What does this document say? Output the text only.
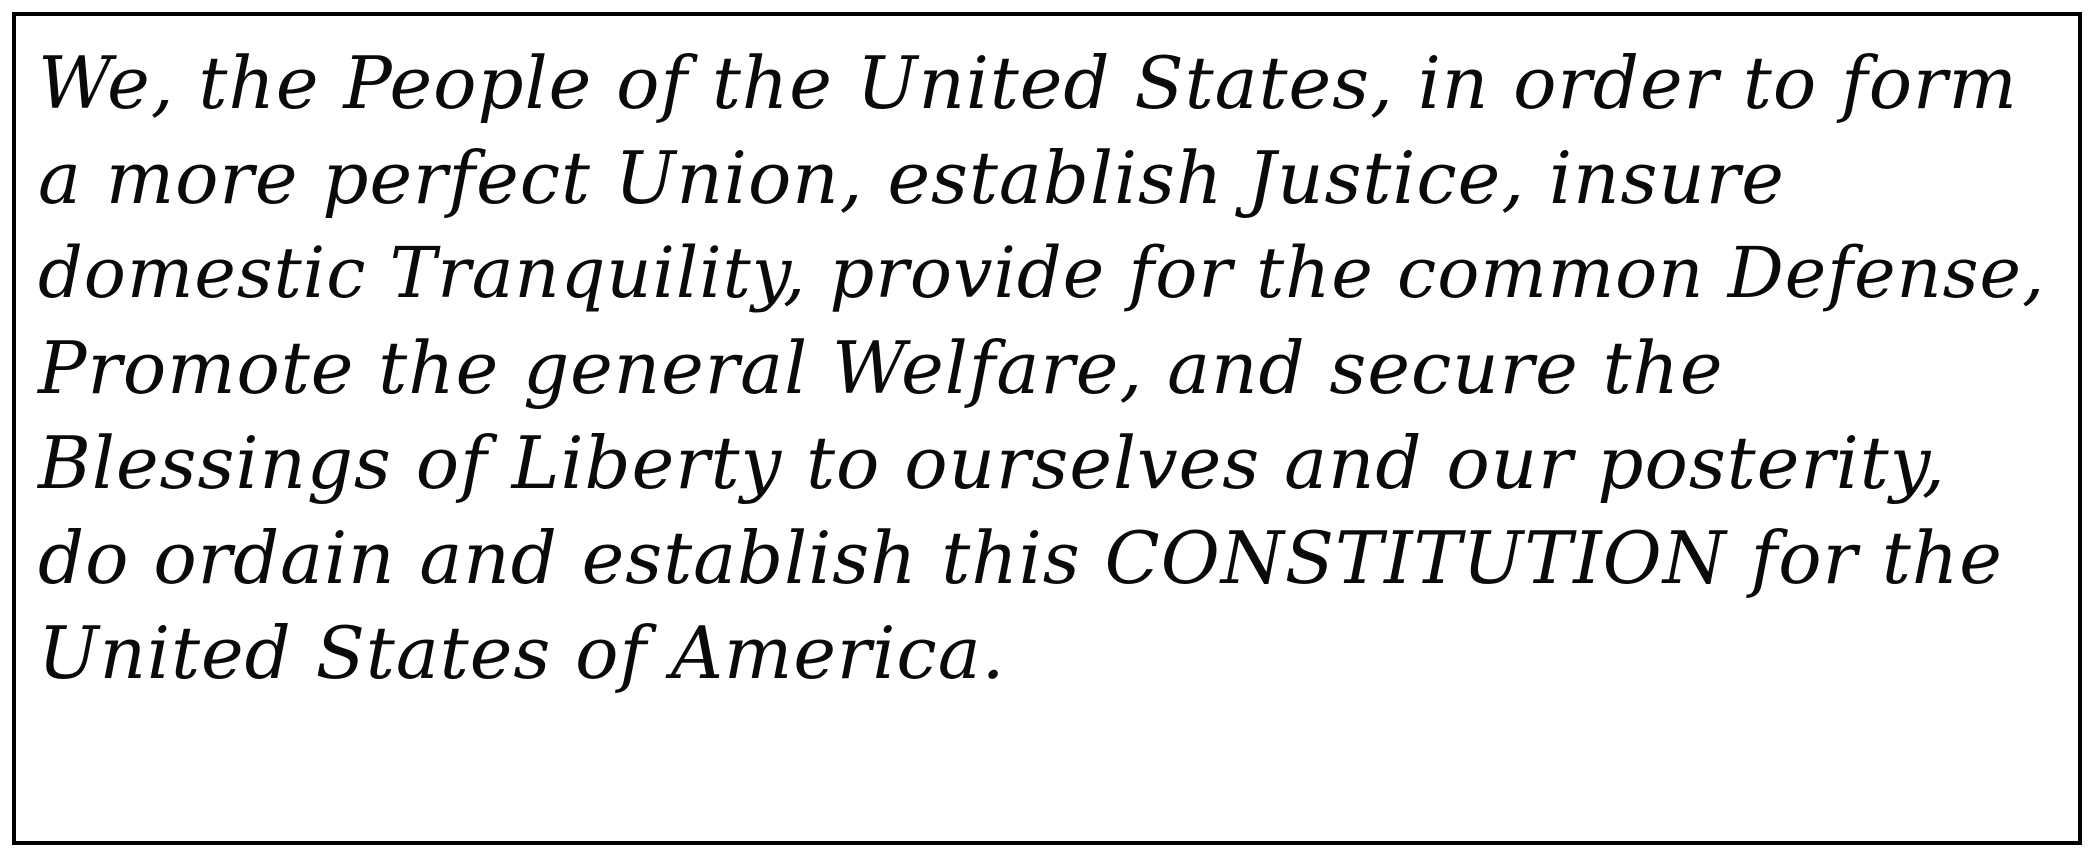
We, the People of the United States, in order to form
a more perfect Union, establish Justice, insure
domestic Tranquility, provide for the common Defense,
Promote the general Welfare, and secure the
Blessings of Liberty to ourselves and our posterity,
do ordain and establish this CONSTITUTION for the
United States of America.
